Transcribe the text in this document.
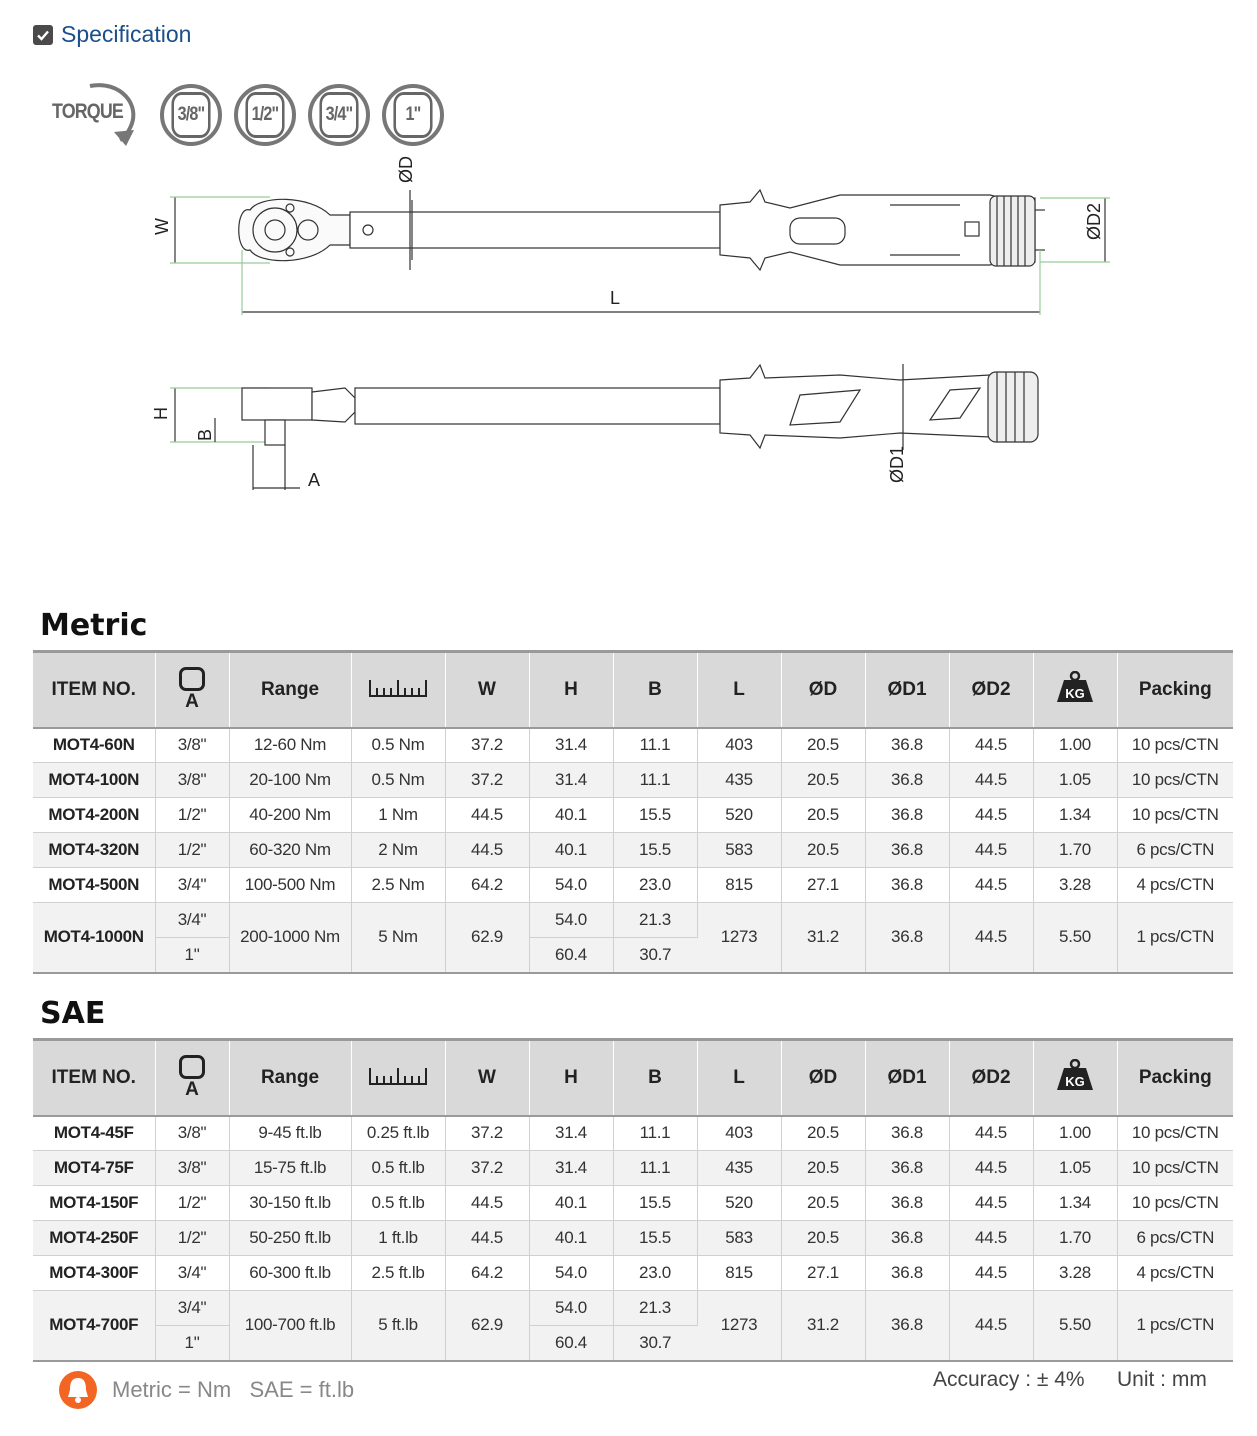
Specification
TORQUE	3/8"	1/2"	3/4"	1"
W
ØD
L
ØD2
H
B
A	ØD1
Metric
ITEM NO.	A	Range		W	H	B	L	ØD	ØD1	ØD2	KG	Packing
MOT4-60N	3/8"	12-60 Nm	0.5 Nm	37.2	31.4	11.1	403	20.5	36.8	44.5	1.00	10 pcs/CTN
MOT4-100N	3/8"	20-100 Nm	0.5 Nm	37.2	31.4	11.1	435	20.5	36.8	44.5	1.05	10 pcs/CTN
MOT4-200N	1/2"	40-200 Nm	1 Nm	44.5	40.1	15.5	520	20.5	36.8	44.5	1.34	10 pcs/CTN
MOT4-320N	1/2"	60-320 Nm	2 Nm	44.5	40.1	15.5	583	20.5	36.8	44.5	1.70	6 pcs/CTN
MOT4-500N	3/4"	100-500 Nm	2.5 Nm	64.2	54.0	23.0	815	27.1	36.8	44.5	3.28	4 pcs/CTN
MOT4-1000N	3/4"	200-1000 Nm	5 Nm	62.9	54.0	21.3	1273	31.2	36.8	44.5	5.50	1 pcs/CTN
	1"				60.4	30.7						
SAE
ITEM NO.	A	Range		W	H	B	L	ØD	ØD1	ØD2	KG	Packing
MOT4-45F	3/8"	9-45 ft.lb	0.25 ft.lb	37.2	31.4	11.1	403	20.5	36.8	44.5	1.00	10 pcs/CTN
MOT4-75F	3/8"	15-75 ft.lb	0.5 ft.lb	37.2	31.4	11.1	435	20.5	36.8	44.5	1.05	10 pcs/CTN
MOT4-150F	1/2"	30-150 ft.lb	0.5 ft.lb	44.5	40.1	15.5	520	20.5	36.8	44.5	1.34	10 pcs/CTN
MOT4-250F	1/2"	50-250 ft.lb	1 ft.lb	44.5	40.1	15.5	583	20.5	36.8	44.5	1.70	6 pcs/CTN
MOT4-300F	3/4"	60-300 ft.lb	2.5 ft.lb	64.2	54.0	23.0	815	27.1	36.8	44.5	3.28	4 pcs/CTN
MOT4-700F	3/4"	100-700 ft.lb	5 ft.lb	62.9	54.0	21.3	1273	31.2	36.8	44.5	5.50	1 pcs/CTN
	1"				60.4	30.7						
Metric = Nm   SAE = ft.lb	Accuracy : ± 4% Unit : mm
